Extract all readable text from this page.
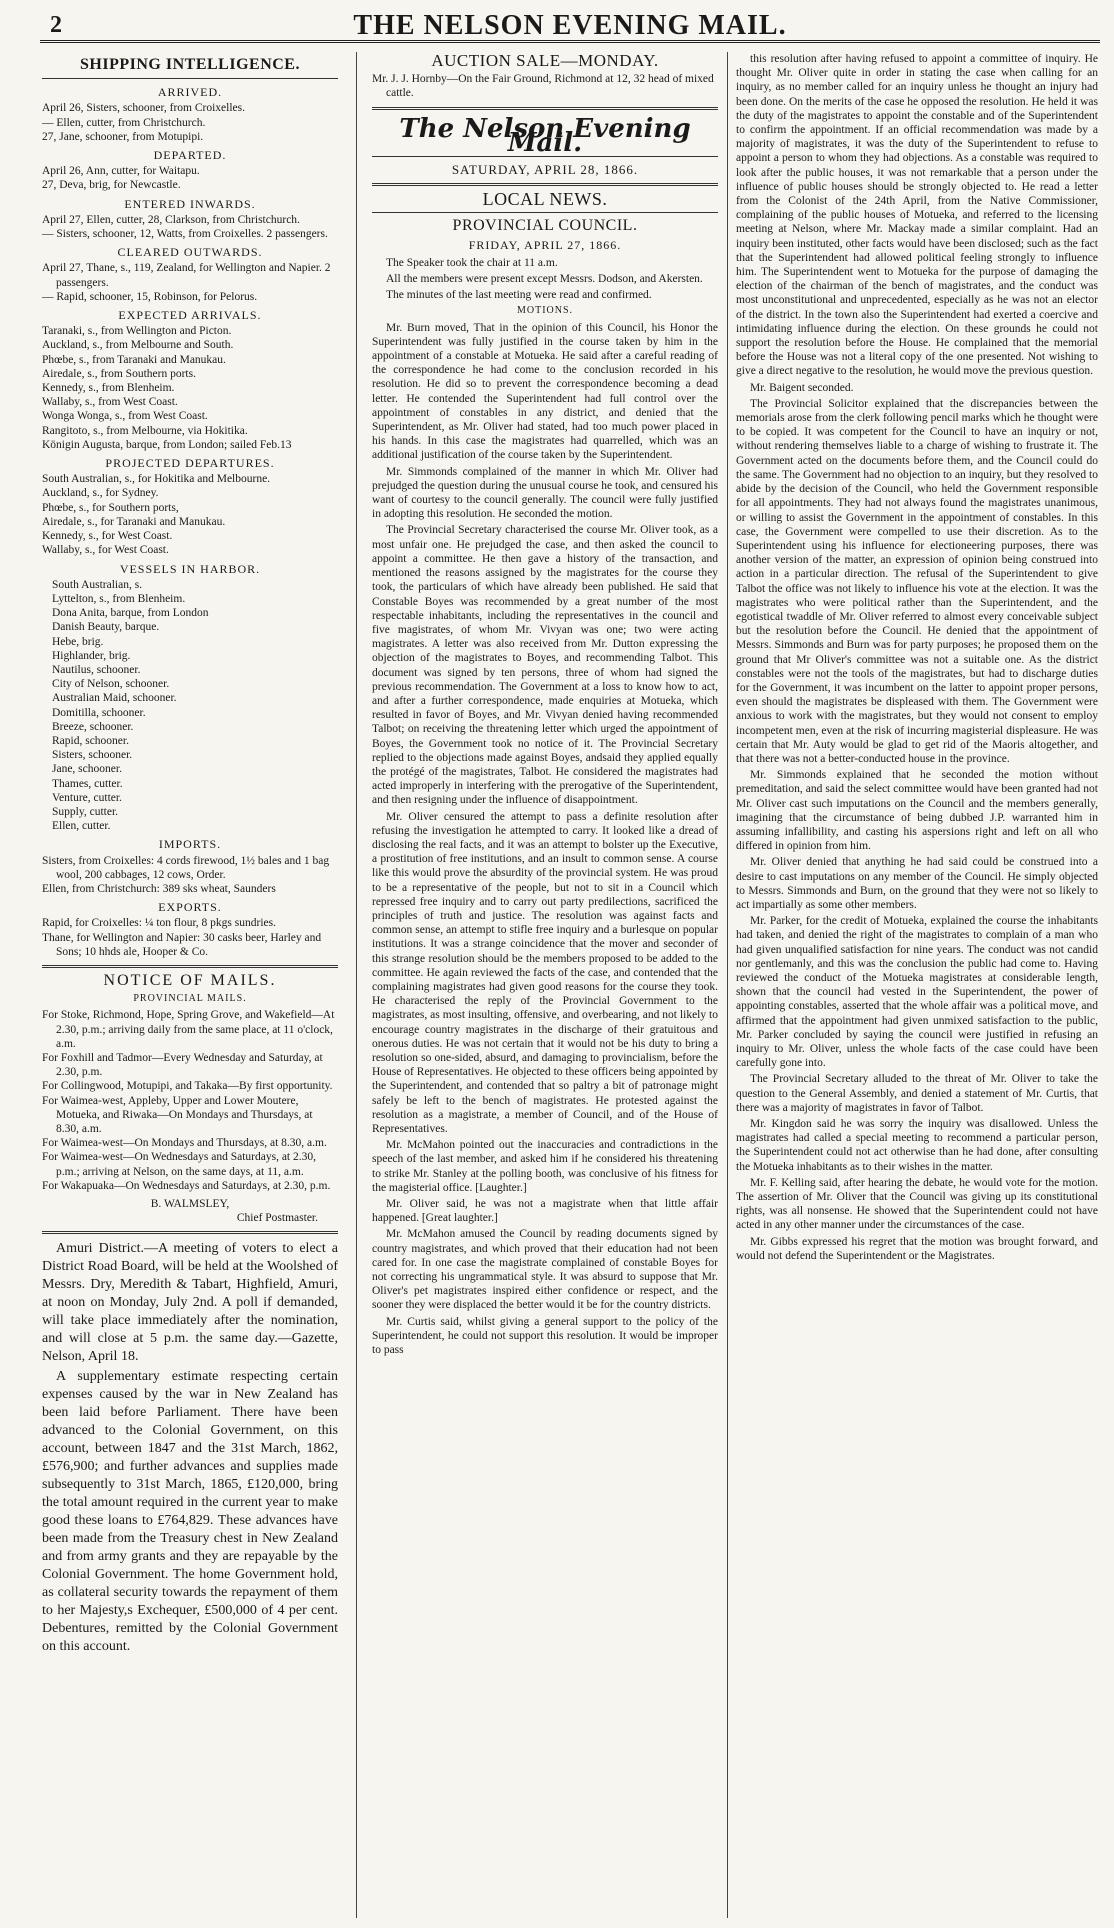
2	THE NELSON EVENING MAIL.
SHIPPING INTELLIGENCE.
ARRIVED.

April 26, Sisters, schooner, from Croixelles.

— Ellen, cutter, from Christchurch.

27, Jane, schooner, from Motupipi.

DEPARTED.

April 26, Ann, cutter, for Waitapu.

27, Deva, brig, for Newcastle.

ENTERED INWARDS.

April 27, Ellen, cutter, 28, Clarkson, from Christchurch.

— Sisters, schooner, 12, Watts, from Croixelles. 2 passengers.

CLEARED OUTWARDS.

April 27, Thane, s., 119, Zealand, for Wellington and Napier. 2 passengers.

— Rapid, schooner, 15, Robinson, for Pelorus.

EXPECTED ARRIVALS.

Taranaki, s., from Wellington and Picton.

Auckland, s., from Melbourne and South.

Phœbe, s., from Taranaki and Manukau.

Airedale, s., from Southern ports.

Kennedy, s., from Blenheim.

Wallaby, s., from West Coast.

Wonga Wonga, s., from West Coast.

Rangitoto, s., from Melbourne, via Hokitika.

Königin Augusta, barque, from London; sailed Feb.13

PROJECTED DEPARTURES.

South Australian, s., for Hokitika and Melbourne.

Auckland, s., for Sydney.

Phœbe, s., for Southern ports,

Airedale, s., for Taranaki and Manukau.

Kennedy, s., for West Coast.

Wallaby, s., for West Coast.

VESSELS IN HARBOR.

South Australian, s.

Lyttelton, s., from Blenheim.

Dona Anita, barque, from London

Danish Beauty, barque.

Hebe, brig.

Highlander, brig.

Nautilus, schooner.

City of Nelson, schooner.

Australian Maid, schooner.

Domitilla, schooner.

Breeze, schooner.

Rapid, schooner.

Sisters, schooner.

Jane, schooner.

Thames, cutter.

Venture, cutter.

Supply, cutter.

Ellen, cutter.

IMPORTS.

Sisters, from Croixelles: 4 cords firewood, 1½ bales and 1 bag wool, 200 cabbages, 12 cows, Order.

Ellen, from Christchurch: 389 sks wheat, Saunders

EXPORTS.

Rapid, for Croixelles: ¼ ton flour, 8 pkgs sundries.

Thane, for Wellington and Napier: 30 casks beer, Harley and Sons; 10 hhds ale, Hooper & Co.

NOTICE OF MAILS.
PROVINCIAL MAILS.

For Stoke, Richmond, Hope, Spring Grove, and Wakefield—At 2.30, p.m.; arriving daily from the same place, at 11 o'clock, a.m.

For Foxhill and Tadmor—Every Wednesday and Saturday, at 2.30, p.m.

For Collingwood, Motupipi, and Takaka—By first opportunity.

For Waimea-west, Appleby, Upper and Lower Moutere, Motueka, and Riwaka—On Mondays and Thursdays, at 8.30, a.m.

For Waimea-west—On Mondays and Thursdays, at 8.30, a.m.

For Waimea-west—On Wednesdays and Saturdays, at 2.30, p.m.; arriving at Nelson, on the same days, at 11, a.m.

For Wakapuaka—On Wednesdays and Saturdays, at 2.30, p.m.

B. WALMSLEY,

Chief Postmaster.

Amuri District.—A meeting of voters to elect a District Road Board, will be held at the Woolshed of Messrs. Dry, Meredith & Tabart, Highfield, Amuri, at noon on Monday, July 2nd. A poll if demanded, will take place immediately after the nomination, and will close at 5 p.m. the same day.—Gazette, Nelson, April 18.

A supplementary estimate respecting certain expenses caused by the war in New Zealand has been laid before Parliament. There have been advanced to the Colonial Government, on this account, between 1847 and the 31st March, 1862, £576,900; and further advances and supplies made subsequently to 31st March, 1865, £120,000, bring the total amount required in the current year to make good these loans to £764,829. These advances have been made from the Treasury chest in New Zealand and from army grants and they are repayable by the Colonial Government. The home Government hold, as collateral security towards the repayment of them to her Majesty,s Exchequer, £500,000 of 4 per cent. Debentures, remitted by the Colonial Government on this account.

AUCTION SALE—MONDAY.

Mr. J. J. Hornby—On the Fair Ground, Richmond at 12, 32 head of mixed cattle.

The Nelson Evening Mail.
SATURDAY, APRIL 28, 1866.
LOCAL NEWS.
PROVINCIAL COUNCIL.
FRIDAY, APRIL 27, 1866.

The Speaker took the chair at 11 a.m.

All the members were present except Messrs. Dodson, and Akersten.

The minutes of the last meeting were read and confirmed.

MOTIONS.

Mr. Burn moved, That in the opinion of this Council, his Honor the Superintendent was fully justified in the course taken by him in the appointment of a constable at Motueka. He said after a careful reading of the correspondence he had come to the conclusion recorded in his resolution. He did so to prevent the correspondence becoming a dead letter. He contended the Superintendent had full control over the appointment of constables in any district, and denied that the Superintendent, as Mr. Oliver had stated, had too much power placed in his hands. In this case the magistrates had quarrelled, which was an additional justification of the course taken by the Superintendent.

Mr. Simmonds complained of the manner in which Mr. Oliver had prejudged the question during the unusual course he took, and censured his want of courtesy to the council generally. The council were fully justified in adopting this resolution. He seconded the motion.

The Provincial Secretary characterised the course Mr. Oliver took, as a most unfair one. He prejudged the case, and then asked the council to appoint a committee. He then gave a history of the transaction, and mentioned the reasons assigned by the magistrates for the course they took, the particulars of which have already been published. He said that Constable Boyes was recommended by a great number of the most respectable inhabitants, including the representatives in the council and five magistrates, of whom Mr. Vivyan was one; two were acting magistrates. A letter was also received from Mr. Dutton expressing the objection of the magistrates to Boyes, and recommending Talbot. This document was signed by ten persons, three of whom had signed the previous recommendation. The Government at a loss to know how to act, and after a further correspondence, made enquiries at Motueka, which resulted in favor of Boyes, and Mr. Vivyan denied having recommended Talbot; on receiving the threatening letter which urged the appointment of Boyes, the Government took no notice of it. The Provincial Secretary replied to the objections made against Boyes, andsaid they applied equally the protégé of the magistrates, Talbot. He considered the magistrates had acted improperly in interfering with the prerogative of the Superintendent, and then resigning under the influence of disappointment.

Mr. Oliver censured the attempt to pass a definite resolution after refusing the investigation he attempted to carry. It looked like a dread of disclosing the real facts, and it was an attempt to bolster up the Executive, a prostitution of free institutions, and an insult to common sense. A course like this would prove the absurdity of the provincial system. He was proud to be a representative of the people, but not to sit in a Council which repressed free inquiry and to carry out party predilections, sacrificed the principles of truth and justice. The resolution was against facts and common sense, an attempt to stifle free inquiry and a burlesque on popular institutions. It was a strange coincidence that the mover and seconder of this strange resolution should be the members proposed to be added to the committee. He again reviewed the facts of the case, and contended that the complaining magistrates had given good reasons for the course they took. He characterised the reply of the Provincial Government to the magistrates, as most insulting, offensive, and overbearing, and not likely to encourage country magistrates in the discharge of their gratuitous and onerous duties. He was not certain that it would not be his duty to bring a resolution so one-sided, absurd, and damaging to provincialism, before the House of Representatives. He objected to these officers being appointed by the Superintendent, and contended that so paltry a bit of patronage might safely be left to the bench of magistrates. He protested against the resolution as a magistrate, a member of Council, and of the House of Representatives.

Mr. McMahon pointed out the inaccuracies and contradictions in the speech of the last member, and asked him if he considered his threatening to strike Mr. Stanley at the polling booth, was conclusive of his fitness for the magisterial office. [Laughter.]

Mr. Oliver said, he was not a magistrate when that little affair happened. [Great laughter.]

Mr. McMahon amused the Council by reading documents signed by country magistrates, and which proved that their education had not been cared for. In one case the magistrate complained of constable Boyes for not correcting his ungrammatical style. It was absurd to suppose that Mr. Oliver's pet magistrates inspired either confidence or respect, and the sooner they were displaced the better would it be for the country districts.

Mr. Curtis said, whilst giving a general support to the policy of the Superintendent, he could not support this resolution. It would be improper to pass

this resolution after having refused to appoint a committee of inquiry. He thought Mr. Oliver quite in order in stating the case when calling for an inquiry, as no member called for an inquiry unless he thought an injury had been done. On the merits of the case he opposed the resolution. He held it was the duty of the magistrates to appoint the constable and of the Superintendent to confirm the appointment. If an official recommendation was made by a majority of magistrates, it was the duty of the Superintendent to refuse to appoint a person to whom they had objections. As a constable was required to look after the public houses, it was not remarkable that a person under the influence of public houses should be strongly objected to. He read a letter from the Colonist of the 24th April, from the Native Commissioner, complaining of the public houses of Motueka, and referred to the licensing meeting at Nelson, where Mr. Mackay made a similar complaint. Had an inquiry been instituted, other facts would have been disclosed; such as the fact that the Superintendent had allowed political feeling strongly to influence him. The Superintendent went to Motueka for the purpose of damaging the election of the chairman of the bench of magistrates, and the conduct was most unconstitutional and unprecedented, especially as he was not an elector of the district. In the town also the Superintendent had exerted a coercive and intimidating influence during the election. On these grounds he could not support the resolution before the House. He complained that the memorial before the House was not a literal copy of the one presented. Not wishing to give a direct negative to the resolution, he would move the previous question.

Mr. Baigent seconded.

The Provincial Solicitor explained that the discrepancies between the memorials arose from the clerk following pencil marks which he thought were to be copied. It was competent for the Council to have an inquiry or not, without rendering themselves liable to a charge of wishing to frustrate it. The Government acted on the documents before them, and the Council could do the same. The Government had no objection to an inquiry, but they resolved to abide by the decision of the Council, who held the Government responsible for all appointments. They had not always found the magistrates unanimous, or willing to assist the Government in the appointment of constables. In this case, the Government were compelled to use their discretion. As to the Superintendent using his influence for electioneering purposes, there was another version of the matter, an expression of opinion being construed into action in a particular direction. The refusal of the Superintendent to give Talbot the office was not likely to influence his vote at the election. It was the magistrates who were political rather than the Superintendent, and the egotistical twaddle of Mr. Oliver referred to almost every conceivable subject but the resolution before the Council. He denied that the appointment of Messrs. Simmonds and Burn was for party purposes; he proposed them on the ground that Mr Oliver's committee was not a suitable one. As the district constables were not the tools of the magistrates, but had to discharge duties for the Government, it was incumbent on the latter to appoint proper persons, even should the magistrates be displeased with them. The Government were anxious to work with the magistrates, but they would not consent to employ incompetent men, even at the risk of incurring magisterial displeasure. He was certain that Mr. Auty would be glad to get rid of the Maoris altogether, and that there was not a better-conducted house in the province.

Mr. Simmonds explained that he seconded the motion without premeditation, and said the select committee would have been granted had not Mr. Oliver cast such imputations on the Council and the members generally, imagining that the circumstance of being dubbed J.P. warranted him in assuming infallibility, and casting his aspersions right and left on all who differed in opinion from him.

Mr. Oliver denied that anything he had said could be construed into a desire to cast imputations on any member of the Council. He simply objected to Messrs. Simmonds and Burn, on the ground that they were not so likely to act impartially as some other members.

Mr. Parker, for the credit of Motueka, explained the course the inhabitants had taken, and denied the right of the magistrates to complain of a man who had given unqualified satisfaction for nine years. The conduct was not candid nor gentlemanly, and this was the conclusion the public had come to. Having reviewed the conduct of the Motueka magistrates at considerable length, shown that the council had vested in the Superintendent, the power of appointing constables, asserted that the whole affair was a political move, and affirmed that the appointment had given unmixed satisfaction to the public, Mr. Parker concluded by saying the council were justified in refusing an inquiry to Mr. Oliver, unless the whole facts of the case could have been carefully gone into.

The Provincial Secretary alluded to the threat of Mr. Oliver to take the question to the General Assembly, and denied a statement of Mr. Curtis, that there was a majority of magistrates in favor of Talbot.

Mr. Kingdon said he was sorry the inquiry was disallowed. Unless the magistrates had called a special meeting to recommend a particular person, the Superintendent could not act otherwise than he had done, after consulting the Motueka inhabitants as to their wishes in the matter.

Mr. F. Kelling said, after hearing the debate, he would vote for the motion. The assertion of Mr. Oliver that the Council was giving up its constitutional rights, was all nonsense. He showed that the Superintendent could not have acted in any other manner under the circumstances of the case.

Mr. Gibbs expressed his regret that the motion was brought forward, and would not defend the Superintendent or the Magistrates.
